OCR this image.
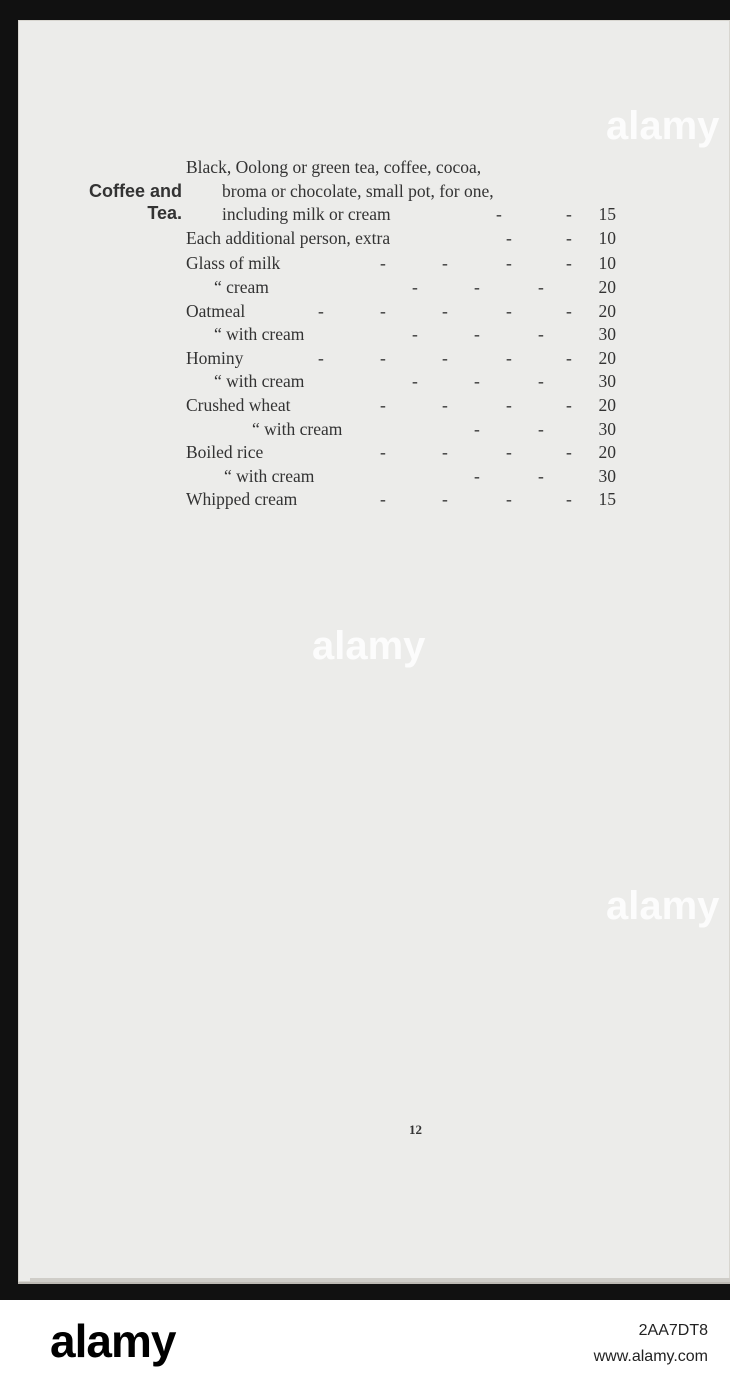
Coffee and
Tea.
Black, Oolong or green tea, coffee, cocoa,
broma or chocolate, small pot, for one,
including milk or cream	-	- 15
Each additional person, extra	-	- 10
Glass of milk	-	-	-	- 10
“ cream	-	-	-	20
Oatmeal	-	-	-	-	- 20
“ with cream	-	-	-	30
Hominy	-	-	-	-	- 20
“ with cream	-	-	-	30
Crushed wheat	-	-	-	- 20
“ with cream	-	-	30
Boiled rice	-	-	-	- 20
“ with cream	-	-	30
Whipped cream	-	-	-	- 15
12
alamy
alamy
alamy
alamy	2AA7DT8
www.alamy.com
